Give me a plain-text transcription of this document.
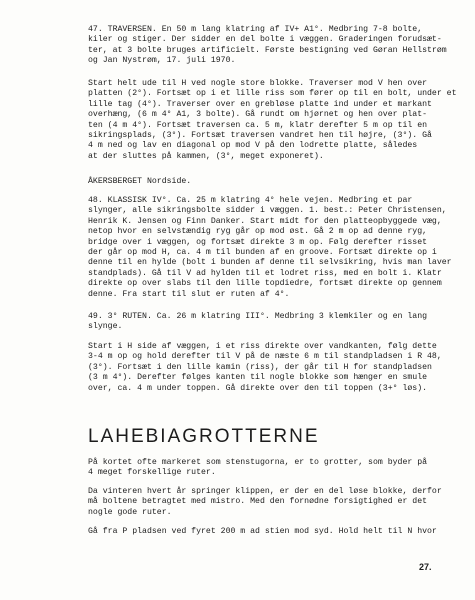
47. TRAVERSEN. En 50 m lang klatring af IV+ A1°. Medbring 7-8 bolte,
kiler og stiger. Der sidder en del bolte i væggen. Graderingen forudsæt-
ter, at 3 bolte bruges artificielt. Første bestigning ved Gøran Hellstrøm
og Jan Nystrøm, 17. juli 1970.
Start helt ude til H ved nogle store blokke. Traverser mod V hen over
platten (2°). Fortsæt op i et lille riss som fører op til en bolt, under et
lille tag (4°). Traverser over en grebløse platte ind under et markant
overhæng, (6 m 4° A1, 3 bolte). Gå rundt om hjørnet og hen over plat-
ten (4 m 4°). Fortsæt traversen ca. 5 m, klatr derefter 5 m op til en
sikringsplads, (3°). Fortsæt traversen vandret hen til højre, (3°). Gå
4 m ned og lav en diagonal op mod V på den lodrette platte, således
at der sluttes på kammen, (3°, meget exponeret).
ÅKERSBERGET Nordside.
48. KLASSISK IV°. Ca. 25 m klatring 4° hele vejen. Medbring et par
slynger, alle sikringsbolte sidder i væggen. 1. best.: Peter Christensen,
Henrik K. Jensen og Finn Danker. Start midt for den platteopbyggede væg,
netop hvor en selvstændig ryg går op mod øst. Gå 2 m op ad denne ryg,
bridge over i væggen, og fortsæt direkte 3 m op. Følg derefter risset
der går op mod H, ca. 4 m til bunden af en groove. Fortsæt direkte op i
denne til en hylde (bolt i bunden af denne til selvsikring, hvis man laver
standplads). Gå til V ad hylden til et lodret riss, med en bolt i. Klatr
direkte op over slabs til den lille topdiedre, fortsæt direkte op gennem
denne. Fra start til slut er ruten af 4°.
49. 3° RUTEN. Ca. 26 m klatring III°. Medbring 3 klemkiler og en lang
slynge.
Start i H side af væggen, i et riss direkte over vandkanten, følg dette
3-4 m op og hold derefter til V på de næste 6 m til standpladsen i R 48,
(3°). Fortsæt i den lille kamin (riss), der går til H for standpladsen
(3 m 4°). Derefter følges kanten til nogle blokke som hænger en smule
over, ca. 4 m under toppen. Gå direkte over den til toppen (3+° løs).
LAHEBIAGROTTERNE
På kortet ofte markeret som stenstugorna, er to grotter, som byder på
4 meget forskellige ruter.
Da vinteren hvert år springer klippen, er der en del løse blokke, derfor
må boltene betragtet med mistro. Med den fornødne forsigtighed er det
nogle gode ruter.
Gå fra P pladsen ved fyret 200 m ad stien mod syd. Hold helt til N hvor
27.
